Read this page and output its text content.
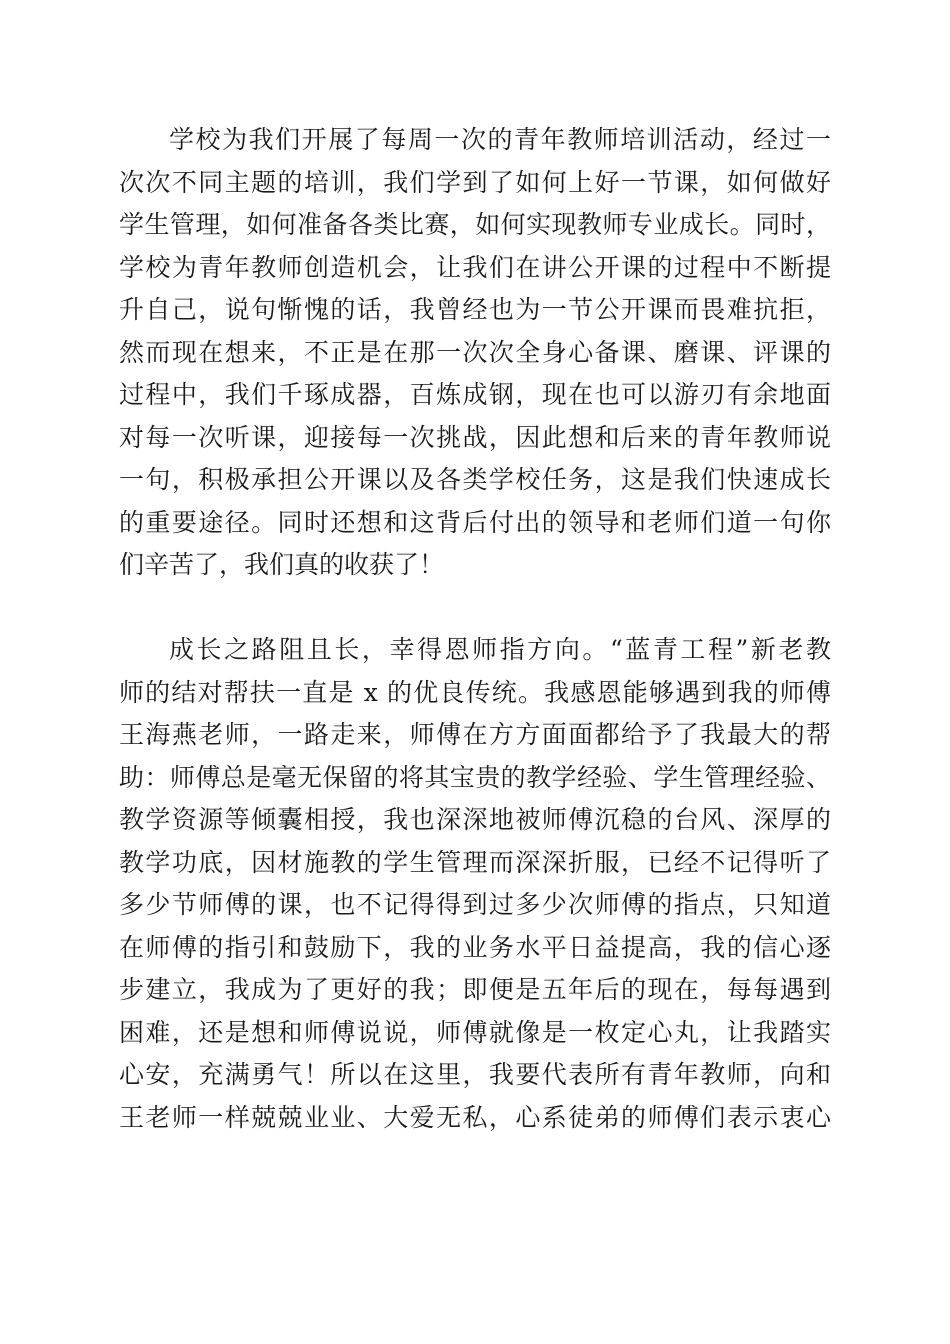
学校为我们开展了每周一次的青年教师培训活动，经过一
次次不同主题的培训，我们学到了如何上好一节课，如何做好
学生管理，如何准备各类比赛，如何实现教师专业成长。同时，
学校为青年教师创造机会，让我们在讲公开课的过程中不断提
升自己，说句惭愧的话，我曾经也为一节公开课而畏难抗拒，
然而现在想来，不正是在那一次次全身心备课、磨课、评课的
过程中，我们千琢成器，百炼成钢，现在也可以游刃有余地面
对每一次听课，迎接每一次挑战，因此想和后来的青年教师说
一句，积极承担公开课以及各类学校任务，这是我们快速成长
的重要途径。同时还想和这背后付出的领导和老师们道一句你
们辛苦了，我们真的收获了！
成长之路阻且长，幸得恩师指方向。“蓝青工程”新老教
师的结对帮扶一直是 x 的优良传统。我感恩能够遇到我的师傅
王海燕老师，一路走来，师傅在方方面面都给予了我最大的帮
助：师傅总是毫无保留的将其宝贵的教学经验、学生管理经验、
教学资源等倾囊相授，我也深深地被师傅沉稳的台风、深厚的
教学功底，因材施教的学生管理而深深折服，已经不记得听了
多少节师傅的课，也不记得得到过多少次师傅的指点，只知道
在师傅的指引和鼓励下，我的业务水平日益提高，我的信心逐
步建立，我成为了更好的我；即便是五年后的现在，每每遇到
困难，还是想和师傅说说，师傅就像是一枚定心丸，让我踏实
心安，充满勇气！所以在这里，我要代表所有青年教师，向和
王老师一样兢兢业业、大爱无私，心系徒弟的师傅们表示衷心
